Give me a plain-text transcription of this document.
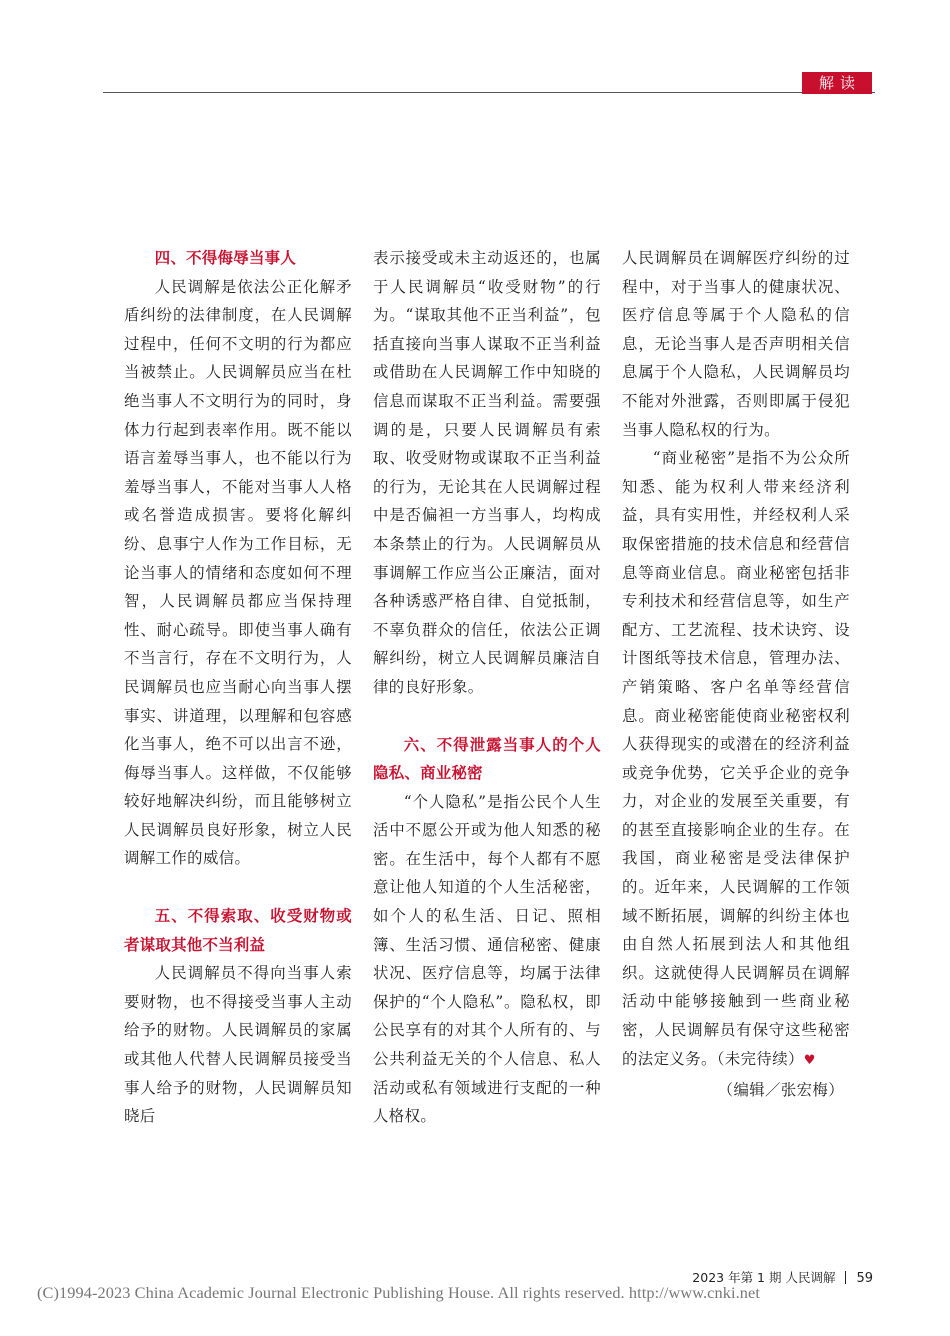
解读
四、不得侮辱当事人

人民调解是依法公正化解矛盾纠纷的法律制度，在人民调解过程中，任何不文明的行为都应当被禁止。人民调解员应当在杜绝当事人不文明行为的同时，身体力行起到表率作用。既不能以语言羞辱当事人，也不能以行为羞辱当事人，不能对当事人人格或名誉造成损害。要将化解纠纷、息事宁人作为工作目标，无论当事人的情绪和态度如何不理智，人民调解员都应当保持理性、耐心疏导。即使当事人确有不当言行，存在不文明行为，人民调解员也应当耐心向当事人摆事实、讲道理，以理解和包容感化当事人，绝不可以出言不逊，侮辱当事人。这样做，不仅能够较好地解决纠纷，而且能够树立人民调解员良好形象，树立人民调解工作的威信。

五、不得索取、收受财物或者谋取其他不当利益

人民调解员不得向当事人索要财物，也不得接受当事人主动给予的财物。人民调解员的家属或其他人代替人民调解员接受当事人给予的财物，人民调解员知晓后

表示接受或未主动返还的，也属于人民调解员“收受财物”的行为。“谋取其他不正当利益”，包括直接向当事人谋取不正当利益或借助在人民调解工作中知晓的信息而谋取不正当利益。需要强调的是，只要人民调解员有索取、收受财物或谋取不正当利益的行为，无论其在人民调解过程中是否偏袒一方当事人，均构成本条禁止的行为。人民调解员从事调解工作应当公正廉洁，面对各种诱惑严格自律、自觉抵制，不辜负群众的信任，依法公正调解纠纷，树立人民调解员廉洁自律的良好形象。

六、不得泄露当事人的个人隐私、商业秘密

“个人隐私”是指公民个人生活中不愿公开或为他人知悉的秘密。在生活中，每个人都有不愿意让他人知道的个人生活秘密，如个人的私生活、日记、照相簿、生活习惯、通信秘密、健康状况、医疗信息等，均属于法律保护的“个人隐私”。隐私权，即公民享有的对其个人所有的、与公共利益无关的个人信息、私人活动或私有领域进行支配的一种人格权。

人民调解员在调解医疗纠纷的过程中，对于当事人的健康状况、医疗信息等属于个人隐私的信息，无论当事人是否声明相关信息属于个人隐私，人民调解员均不能对外泄露，否则即属于侵犯当事人隐私权的行为。

“商业秘密”是指不为公众所知悉、能为权利人带来经济利益，具有实用性，并经权利人采取保密措施的技术信息和经营信息等商业信息。商业秘密包括非专利技术和经营信息等，如生产配方、工艺流程、技术诀窍、设计图纸等技术信息，管理办法、产销策略、客户名单等经营信息。商业秘密能使商业秘密权利人获得现实的或潜在的经济利益或竞争优势，它关乎企业的竞争力，对企业的发展至关重要，有的甚至直接影响企业的生存。在我国，商业秘密是受法律保护的。近年来，人民调解的工作领域不断拓展，调解的纠纷主体也由自然人拓展到法人和其他组织。这就使得人民调解员在调解活动中能够接触到一些商业秘密，人民调解员有保守这些秘密的法定义务。（未完待续）♥

（编辑／张宏梅）
2023 年第 1 期 人民调解 59
(C)1994-2023 China Academic Journal Electronic Publishing House. All rights reserved. http://www.cnki.net
